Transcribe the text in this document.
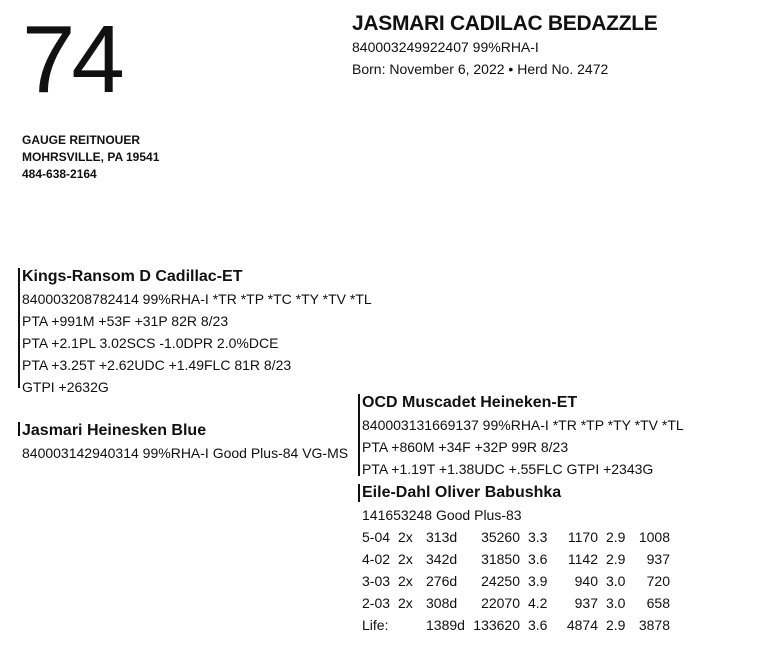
74
GAUGE REITNOUER
MOHRSVILLE, PA 19541
484-638-2164
JASMARI CADILAC BEDAZZLE
840003249922407 99%RHA-I
Born: November 6, 2022 • Herd No. 2472
Kings-Ransom D Cadillac-ET
840003208782414 99%RHA-I *TR *TP *TC *TY *TV *TL
PTA +991M +53F +31P 82R 8/23
PTA +2.1PL 3.02SCS -1.0DPR 2.0%DCE
PTA +3.25T +2.62UDC +1.49FLC 81R 8/23
GTPI +2632G
Jasmari Heinesken Blue
840003142940314 99%RHA-I Good Plus-84 VG-MS
OCD Muscadet Heineken-ET
840003131669137 99%RHA-I *TR *TP *TY *TV *TL
PTA +860M +34F +32P 99R 8/23
PTA +1.19T +1.38UDC +.55FLC GTPI +2343G
Eile-Dahl Oliver Babushka
141653248 Good Plus-83
5-04	2x	313d	35260	3.3	1170	2.9	1008
4-02	2x	342d	31850	3.6	1142	2.9	937
3-03	2x	276d	24250	3.9	940	3.0	720
2-03	2x	308d	22070	4.2	937	3.0	658
Life:		1389d	133620	3.6	4874	2.9	3878
